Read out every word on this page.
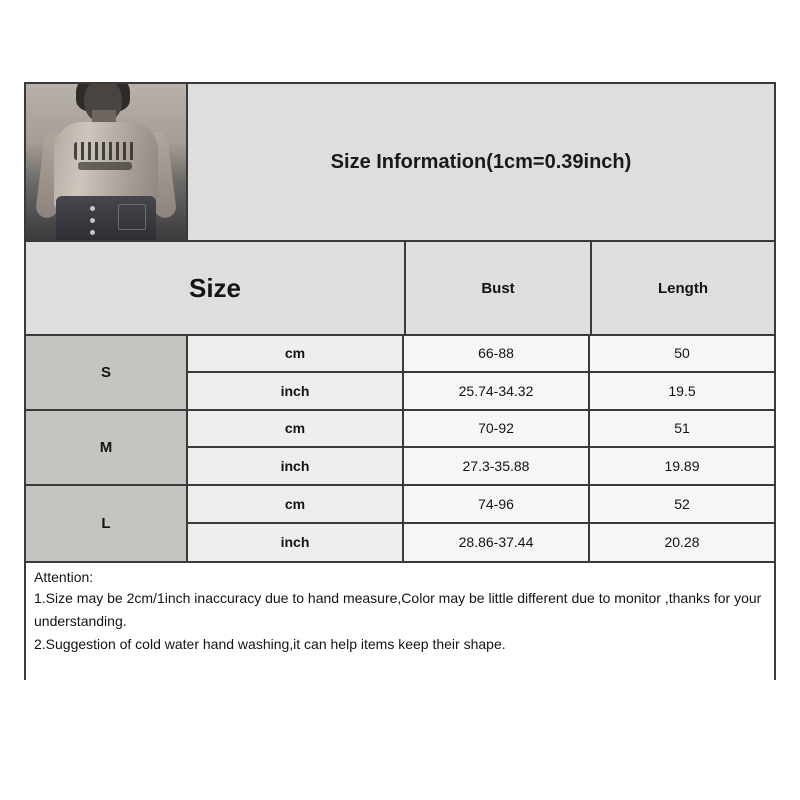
Size Information(1cm=0.39inch)
Size	Bust	Length
S
cm	66-88	50
inch	25.74-34.32	19.5
M
cm	70-92	51
inch	27.3-35.88	19.89
L
cm	74-96	52
inch	28.86-37.44	20.28
Attention:
1.Size may be 2cm/1inch inaccuracy due to hand measure,Color may be little different due to monitor ,thanks for your understanding.
2.Suggestion of cold water hand washing,it can help items keep their shape.
